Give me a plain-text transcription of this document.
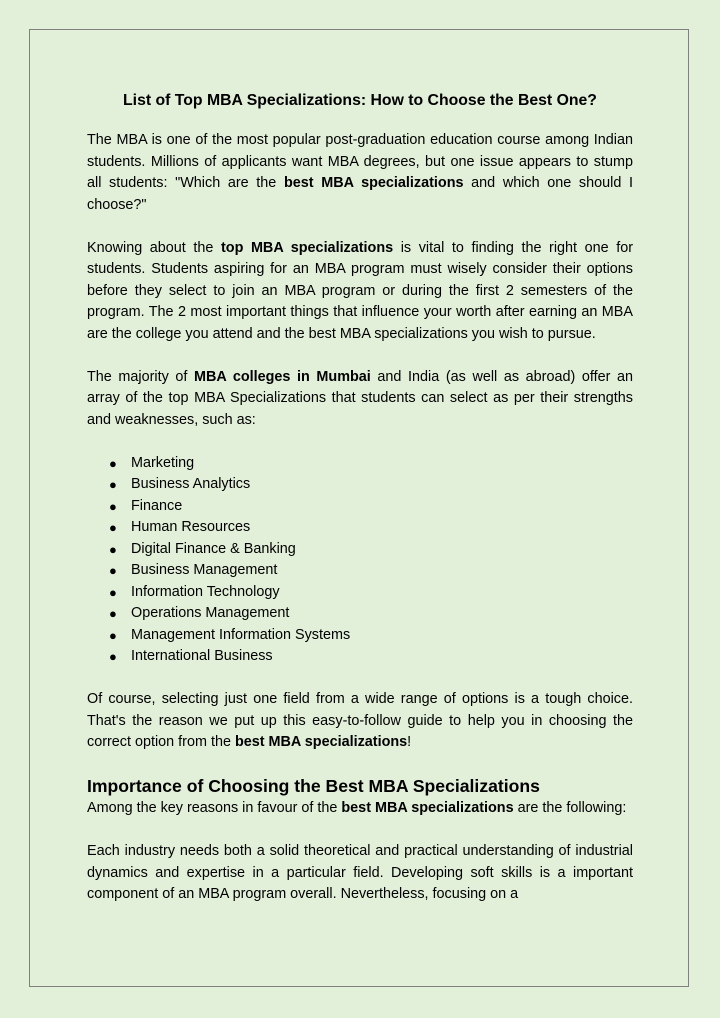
List of Top MBA Specializations: How to Choose the Best One?

The MBA is one of the most popular post-graduation education course among Indian students. Millions of applicants want MBA degrees, but one issue appears to stump all students: "Which are the best MBA specializations and which one should I choose?"

Knowing about the top MBA specializations is vital to finding the right one for students. Students aspiring for an MBA program must wisely consider their options before they select to join an MBA program or during the first 2 semesters of the program. The 2 most important things that influence your worth after earning an MBA are the college you attend and the best MBA specializations you wish to pursue.

The majority of MBA colleges in Mumbai and India (as well as abroad) offer an array of the top MBA Specializations that students can select as per their strengths and weaknesses, such as:

● Marketing
● Business Analytics
● Finance
● Human Resources
● Digital Finance & Banking
● Business Management
● Information Technology
● Operations Management
● Management Information Systems
● International Business

Of course, selecting just one field from a wide range of options is a tough choice. That's the reason we put up this easy-to-follow guide to help you in choosing the correct option from the best MBA specializations!

Importance of Choosing the Best MBA Specializations

Among the key reasons in favour of the best MBA specializations are the following:

Each industry needs both a solid theoretical and practical understanding of industrial dynamics and expertise in a particular field. Developing soft skills is a important component of an MBA program overall. Nevertheless, focusing on a
